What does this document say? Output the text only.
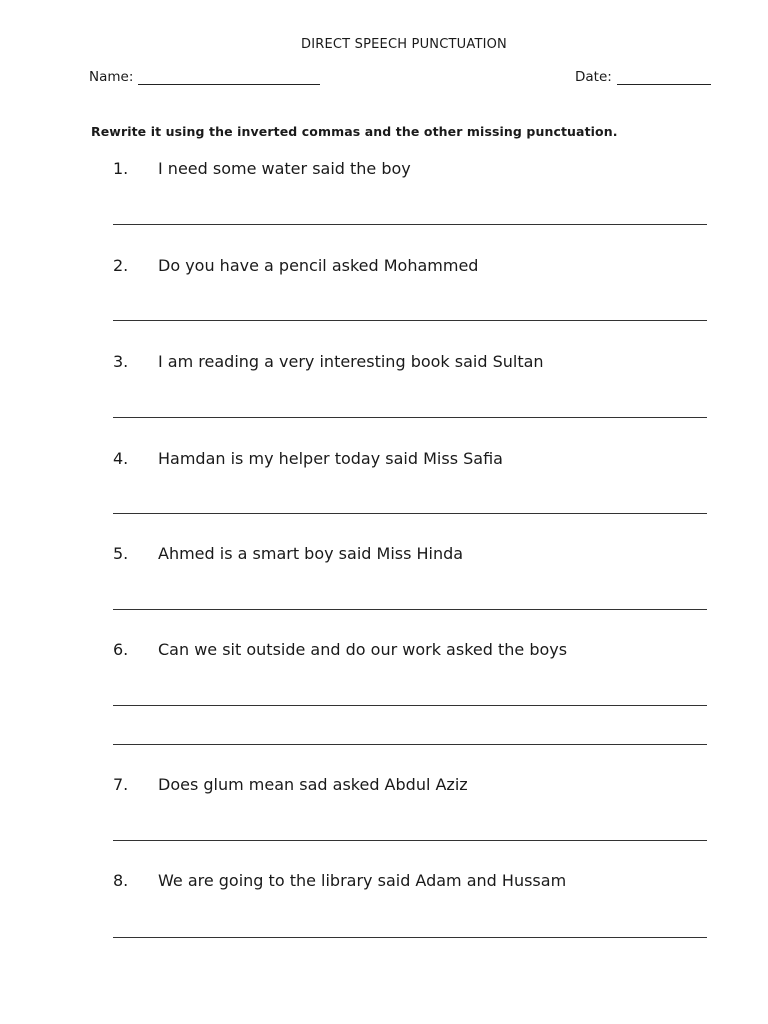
DIRECT SPEECH PUNCTUATION
Name:	Date:
Rewrite it using the inverted commas and the other missing punctuation.
1. I need some water said the boy
2. Do you have a pencil asked Mohammed
3. I am reading a very interesting book said Sultan
4. Hamdan is my helper today said Miss Safia
5. Ahmed is a smart boy said Miss Hinda
6. Can we sit outside and do our work asked the boys
7. Does glum mean sad asked Abdul Aziz
8. We are going to the library said Adam and Hussam
